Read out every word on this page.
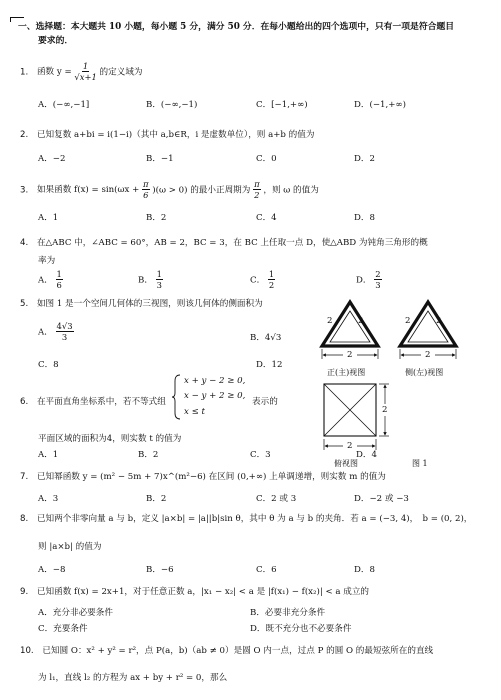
一、选择题：本大题共 10 小题，每小题 5 分，满分 50 分．在每小题给出的四个选项中，只有一项是符合题目
要求的．
1. 函数 $y = \frac{1}{√x+1}$ 的定义域为
A．(−∞,−1]	B．(−∞,−1)	C．[−1,+∞)	D．(−1,+∞)
2. 已知复数 a+bi = i(1−i)（其中 a,b∈R，i 是虚数单位），则 a+b 的值为
A．−2	B．−1	C．0	D．2
3. 如果函数 $f(x) = \sin(\omega x + \frac{\pi}{6} )(\omega > 0)$ 的最小正周期为 $\frac{\pi}{2}$ ，则 ω 的值为
A．1	B．2	C．4	D．8
4. 在△ABC 中，∠ABC = 60°，AB = 2，BC = 3，在 BC 上任取一点 D，使△ABD 为钝角三角形的概
率为
A． $\frac{1}{6}$	B． $\frac{1}{3}$	C． $\frac{1}{2}$	D． $\frac{2}{3}$
5. 如图 1 是一个空间几何体的三视图，则该几何体的侧面积为
A． $\frac{4√3}{3}$	B．4√3
C．8	D．12
6. 在平面直角坐标系中，若不等式组
x + y − 2 ≥ 0,
x − y + 2 ≥ 0,
x ≤ t
表示的
平面区域的面积为4，则实数 t 的值为
A．1	B．2	C．3	D．4
7. 已知幂函数 y = (m² − 5m + 7)x^(m²−6) 在区间 (0,+∞) 上单调递增，则实数 m 的值为
A．3	B．2	C．2 或 3	D．−2 或 −3
8. 已知两个非零向量 a 与 b，定义 |a×b| = |a||b|sin θ，其中 θ 为 a 与 b 的夹角．若 a = (−3, 4)，　b = (0, 2)，
则 |a×b| 的值为
A．−8	B．−6	C．6	D．8
9. 已知函数 f(x) = 2x+1，对于任意正数 a，|x₁ − x₂| < a 是 |f(x₁) − f(x₂)| < a 成立的
A．充分非必要条件	B．必要非充分条件
C．充要条件	D．既不充分也不必要条件
10. 已知圆 O：x² + y² = r²，点 P(a，b)（ab ≠ 0）是圆 O 内一点，过点 P 的圆 O 的最短弦所在的直线
为 l₁，直线 l₂ 的方程为 ax + by + r² = 0，那么
2	2
2
2	2
2
2
2
正(主)视图	侧(左)视图
俯视图	图 1
